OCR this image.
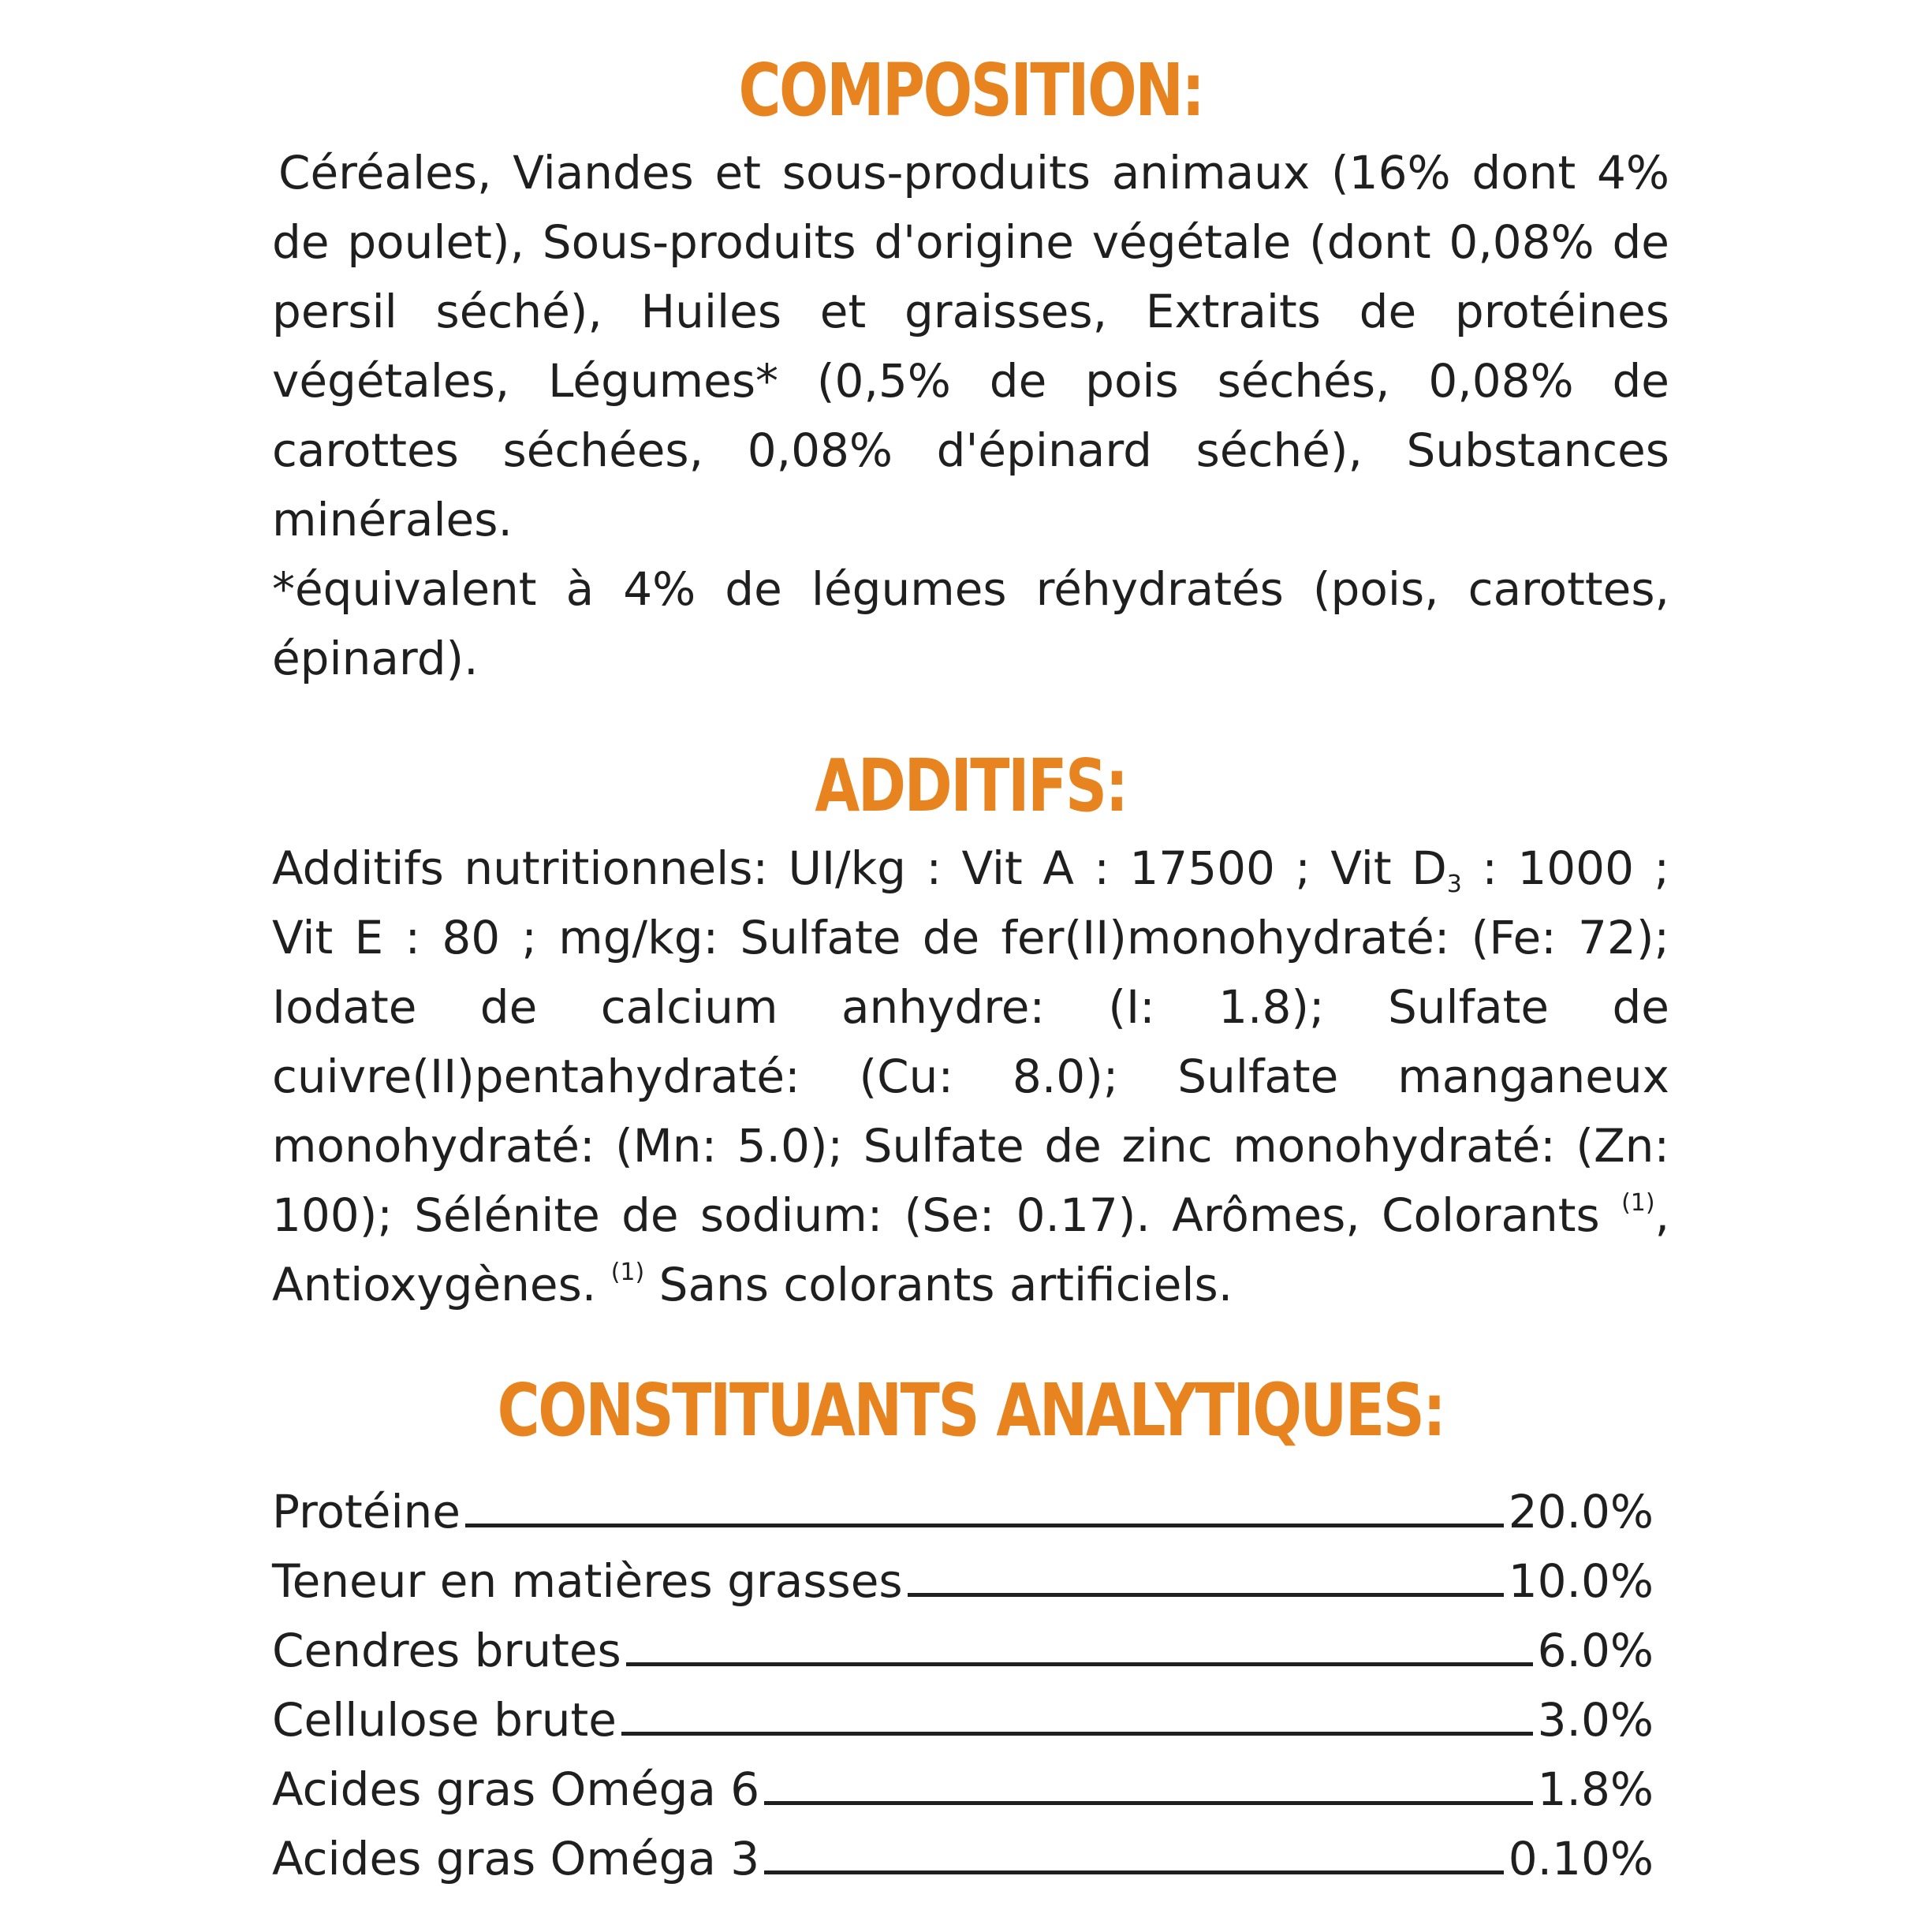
COMPOSITION:

Céréales, Viandes et sous-produits animaux (16% dont 4% de poulet), Sous-produits d'origine végétale (dont 0,08% de persil séché), Huiles et graisses, Extraits de protéines végétales, Légumes* (0,5% de pois séchés, 0,08% de carottes séchées, 0,08% d'épinard séché), Substances minérales.

*équivalent à 4% de légumes réhydratés (pois, carottes, épinard).

ADDITIFS:

Additifs nutritionnels: UI/kg : Vit A : 17500 ; Vit $D_3$ : 1000 ; Vit E : 80 ; mg/kg: Sulfate de fer(II)monohydraté: (Fe: 72); Iodate de calcium anhydre: (I: 1.8); Sulfate de cuivre(II)pentahydraté: (Cu: 8.0); Sulfate manganeux monohydraté: (Mn: 5.0); Sulfate de zinc monohydraté: (Zn: 100); Sélénite de sodium: (Se: 0.17). Arômes, Colorants $^{(1)}$, Antioxygènes. $^{(1)}$ Sans colorants artificiels.

CONSTITUANTS ANALYTIQUES:
Protéine	20.0%
Teneur en matières grasses	10.0%
Cendres brutes	6.0%
Cellulose brute	3.0%
Acides gras Oméga 6	1.8%
Acides gras Oméga 3	0.10%
